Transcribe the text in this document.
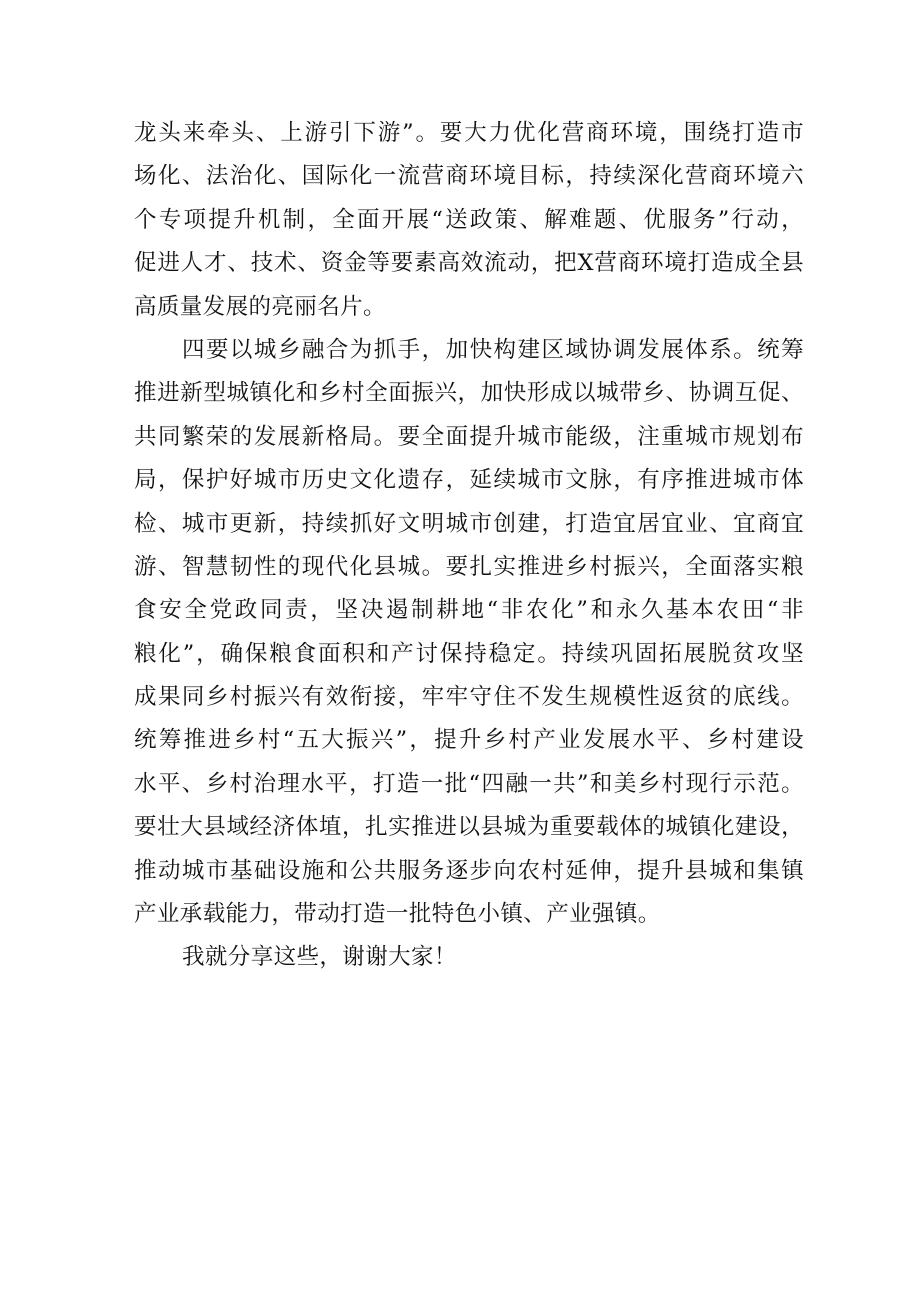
龙头来牵头、上游引下游”。要大力优化营商环境，围绕打造市
场化、法治化、国际化一流营商环境目标，持续深化营商环境六
个专项提升机制，全面开展“送政策、解难题、优服务”行动，
促进人才、技术、资金等要素高效流动，把X营商环境打造成全县
高质量发展的亮丽名片。
四要以城乡融合为抓手，加快构建区域协调发展体系。统筹
推进新型城镇化和乡村全面振兴，加快形成以城带乡、协调互促、
共同繁荣的发展新格局。要全面提升城市能级，注重城市规划布
局，保护好城市历史文化遗存，延续城市文脉，有序推进城市体
检、城市更新，持续抓好文明城市创建，打造宜居宜业、宜商宜
游、智慧韧性的现代化县城。要扎实推进乡村振兴，全面落实粮
食安全党政同责，坚决遏制耕地“非农化”和永久基本农田“非
粮化”，确保粮食面积和产讨保持稳定。持续巩固拓展脱贫攻坚
成果同乡村振兴有效衔接，牢牢守住不发生规模性返贫的底线。
统筹推进乡村“五大振兴”，提升乡村产业发展水平、乡村建设
水平、乡村治理水平，打造一批“四融一共”和美乡村现行示范。
要壮大县域经济体埴，扎实推进以县城为重要载体的城镇化建设，
推动城市基础设施和公共服务逐步向农村延伸，提升县城和集镇
产业承载能力，带动打造一批特色小镇、产业强镇。
我就分享这些，谢谢大家！
